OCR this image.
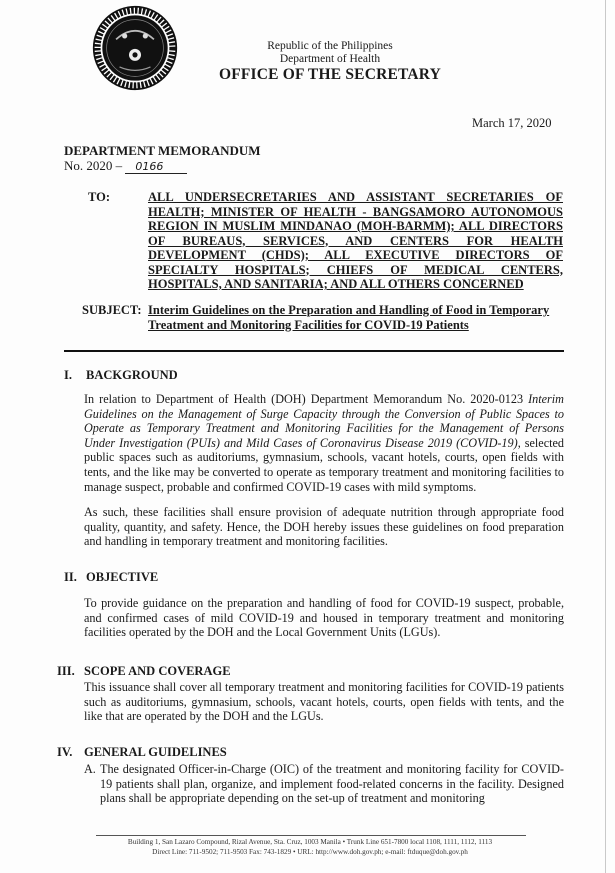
Republic of the Philippines
Department of Health
OFFICE OF THE SECRETARY
March 17, 2020
DEPARTMENT MEMORANDUM
No. 2020 – 0166
TO:	ALL UNDERSECRETARIES AND ASSISTANT SECRETARIES OF HEALTH; MINISTER OF HEALTH - BANGSAMORO AUTONOMOUS REGION IN MUSLIM MINDANAO (MOH-BARMM); ALL DIRECTORS OF BUREAUS, SERVICES, AND CENTERS FOR HEALTH DEVELOPMENT (CHDS); ALL EXECUTIVE DIRECTORS OF SPECIALTY HOSPITALS; CHIEFS OF MEDICAL CENTERS, HOSPITALS, AND SANITARIA; AND ALL OTHERS CONCERNED
SUBJECT: Interim Guidelines on the Preparation and Handling of Food in Temporary Treatment and Monitoring Facilities for COVID-19 Patients
I. BACKGROUND
In relation to Department of Health (DOH) Department Memorandum No. 2020-0123 Interim Guidelines on the Management of Surge Capacity through the Conversion of Public Spaces to Operate as Temporary Treatment and Monitoring Facilities for the Management of Persons Under Investigation (PUIs) and Mild Cases of Coronavirus Disease 2019 (COVID-19), selected public spaces such as auditoriums, gymnasium, schools, vacant hotels, courts, open fields with tents, and the like may be converted to operate as temporary treatment and monitoring facilities to manage suspect, probable and confirmed COVID-19 cases with mild symptoms.
As such, these facilities shall ensure provision of adequate nutrition through appropriate food quality, quantity, and safety. Hence, the DOH hereby issues these guidelines on food preparation and handling in temporary treatment and monitoring facilities.
II. OBJECTIVE
To provide guidance on the preparation and handling of food for COVID-19 suspect, probable, and confirmed cases of mild COVID-19 and housed in temporary treatment and monitoring facilities operated by the DOH and the Local Government Units (LGUs).
III. SCOPE AND COVERAGE
This issuance shall cover all temporary treatment and monitoring facilities for COVID-19 patients such as auditoriums, gymnasium, schools, vacant hotels, courts, open fields with tents, and the like that are operated by the DOH and the LGUs.
IV. GENERAL GUIDELINES
A. The designated Officer-in-Charge (OIC) of the treatment and monitoring facility for COVID-19 patients shall plan, organize, and implement food-related concerns in the facility. Designed plans shall be appropriate depending on the set-up of treatment and monitoring
Building 1, San Lazaro Compound, Rizal Avenue, Sta. Cruz, 1003 Manila • Trunk Line 651-7800 local 1108, 1111, 1112, 1113
Direct Line: 711-9502; 711-9503 Fax: 743-1829 • URL: http://www.doh.gov.ph; e-mail: ftduque@doh.gov.ph
